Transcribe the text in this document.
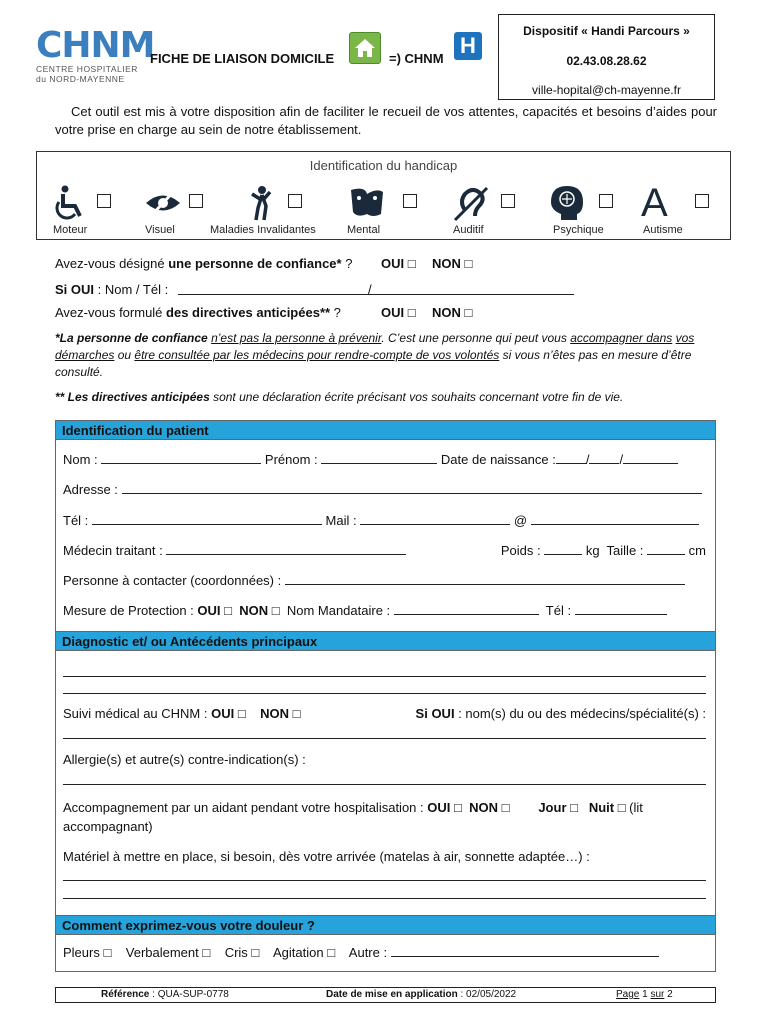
CHNM
CENTRE HOSPITALIER
du NORD-MAYENNE
FICHE DE LIAISON DOMICILE	=) CHNM
H
Dispositif « Handi Parcours »
02.43.08.28.62
ville-hopital@ch-mayenne.fr
Cet outil est mis à votre disposition afin de faciliter le recueil de vos attentes, capacités et besoins d’aides pour votre prise en charge au sein de notre établissement.
Identification du handicap
Moteur	Visuel	Maladies Invalidantes	Mental	Auditif	Psychique
A
Autisme
Avez-vous désigné une personne de confiance* ? OUI □ NON □
Si OUI : Nom / Tél :	/
Avez-vous formulé des directives anticipées** ?	OUI □ NON □
*La personne de confiance n’est pas la personne à prévenir. C’est une personne qui peut vous accompagner dans vos démarches ou être consultée par les médecins pour rendre-compte de vos volontés si vous n’êtes pas en mesure d’être consulté.
** Les directives anticipées sont une déclaration écrite précisant vos souhaits concernant votre fin de vie.
Identification du patient
Nom :	Prénom :	Date de naissance : / /
Adresse :
Tél :	Mail :	@
Médecin traitant :	Poids :	kg Taille :	cm
Personne à contacter (coordonnées) :
Mesure de Protection : OUI □ NON □ Nom Mandataire :	Tél :
Diagnostic et/ ou Antécédents principaux
Suivi médical au CHNM : OUI □ NON □	Si OUI : nom(s) du ou des médecins/spécialité(s) :
Allergie(s) et autre(s) contre-indication(s) :
Accompagnement par un aidant pendant votre hospitalisation : OUI □ NON □ Jour □ Nuit □ (lit
accompagnant)
Matériel à mettre en place, si besoin, dès votre arrivée (matelas à air, sonnette adaptée…) :
Comment exprimez-vous votre douleur ?
Pleurs □ Verbalement □ Cris □ Agitation □ Autre :
Référence : QUA-SUP-0778	Date de mise en application : 02/05/2022	Page 1 sur 2
